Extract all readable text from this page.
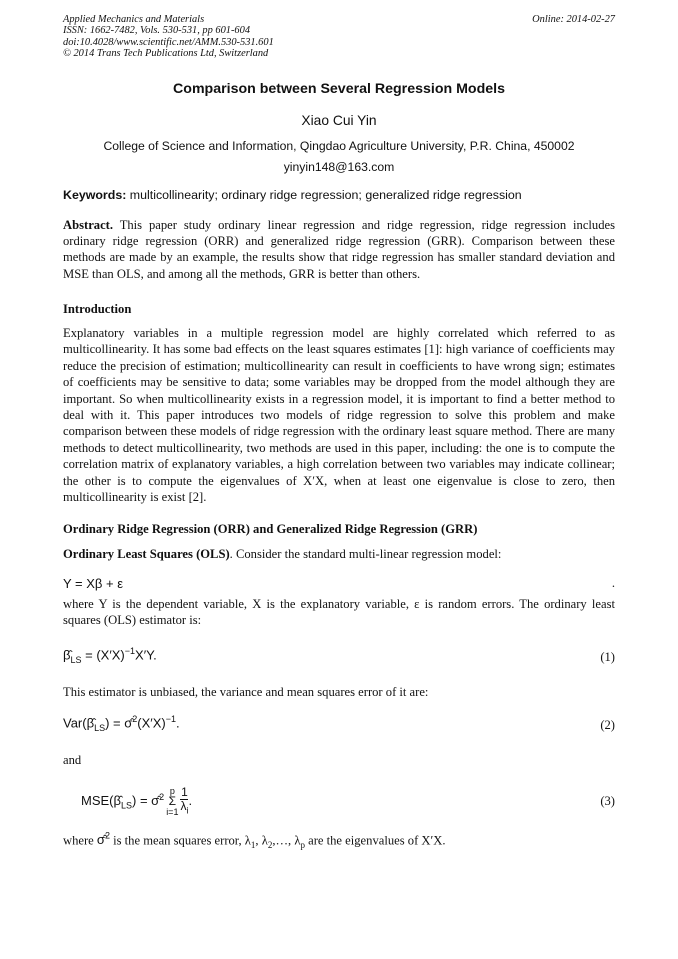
Applied Mechanics and Materials
ISSN: 1662-7482, Vols. 530-531, pp 601-604
doi:10.4028/www.scientific.net/AMM.530-531.601
© 2014 Trans Tech Publications Ltd, Switzerland
Online: 2014-02-27
Comparison between Several Regression Models
Xiao Cui Yin
College of Science and Information, Qingdao Agriculture University, P.R. China, 450002
yinyin148@163.com
Keywords: multicollinearity; ordinary ridge regression; generalized ridge regression
Abstract. This paper study ordinary linear regression and ridge regression, ridge regression includes ordinary ridge regression (ORR) and generalized ridge regression (GRR). Comparison between these methods are made by an example, the results show that ridge regression has smaller standard deviation and MSE than OLS, and among all the methods, GRR is better than others.
Introduction
Explanatory variables in a multiple regression model are highly correlated which referred to as multicollinearity. It has some bad effects on the least squares estimates [1]: high variance of coefficients may reduce the precision of estimation; multicollinearity can result in coefficients to have wrong sign; estimates of coefficients may be sensitive to data; some variables may be dropped from the model although they are important. So when multicollinearity exists in a regression model, it is important to find a better method to deal with it. This paper introduces two models of ridge regression to solve this problem and make comparison between these models of ridge regression with the ordinary least square method. There are many methods to detect multicollinearity, two methods are used in this paper, including: the one is to compute the correlation matrix of explanatory variables, a high correlation between two variables may indicate collinear; the other is to compute the eigenvalues of X′X, when at least one eigenvalue is close to zero, then multicollinearity is exist [2].
Ordinary Ridge Regression (ORR) and Generalized Ridge Regression (GRR)
Ordinary Least Squares (OLS). Consider the standard multi-linear regression model:
Y = Xβ + ε	.
where Y is the dependent variable, X is the explanatory variable, ε is random errors. The ordinary least squares (OLS) estimator is:
$\betâ_{LS} = (X'X)^{-1}X'Y$.	(1)
This estimator is unbiased, the variance and mean squares error of it are:
$Var(\betâ_{LS})$ = $\sigmâ^2(X'X)^{-1}$.	(2)
and
$MSE(\betâ_{LS})$ = σ̂$^2$p
Σ
$i=1 \frac{1}{\lambda_i}$ .	(3)
where σ̂$^2$ is the mean squares error, $\lambda_1$, $\lambda_2,\dots$, $\lambda_p$ are the eigenvalues of X′X.
